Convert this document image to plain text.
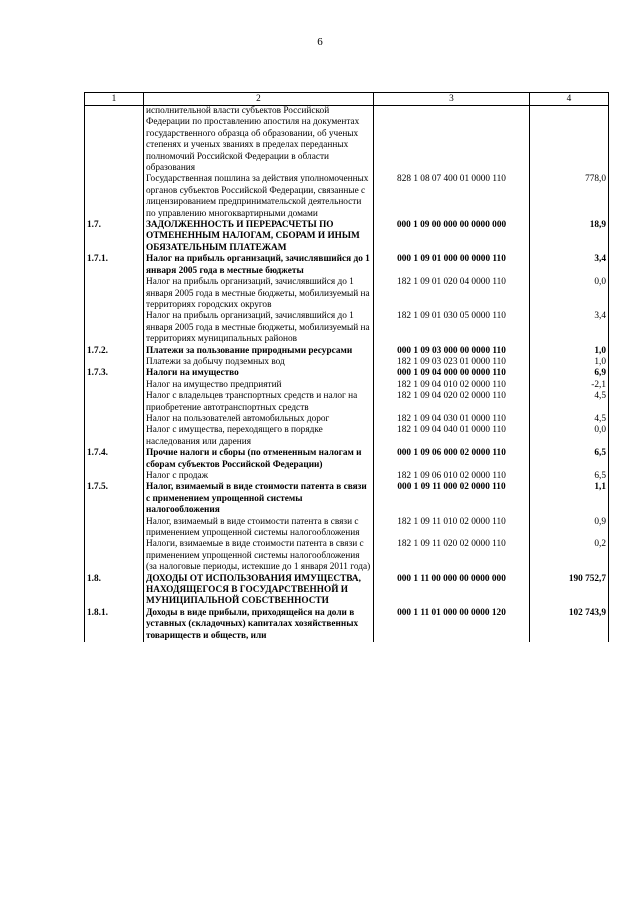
6
1	2	3	4
	исполнительной власти субъектов Российской Федерации по проставлению апостиля на документах государственного образца об образовании, об ученых степенях и ученых званиях в пределах переданных полномочий Российской Федерации в области образования		
	Государственная пошлина за действия уполномоченных органов субъектов Российской Федерации, связанные с лицензированием предпринимательской деятельности по управлению многоквартирными домами	828 1 08 07 400 01 0000 110	778,0
1.7.	ЗАДОЛЖЕННОСТЬ И ПЕРЕРАСЧЕТЫ ПО ОТМЕНЕННЫМ НАЛОГАМ, СБОРАМ И ИНЫМ ОБЯЗАТЕЛЬНЫМ ПЛАТЕЖАМ	000 1 09 00 000 00 0000 000	18,9
1.7.1.	Налог на прибыль организаций, зачислявшийся до 1 января 2005 года в местные бюджеты	000 1 09 01 000 00 0000 110	3,4
	Налог на прибыль организаций, зачислявшийся до 1 января 2005 года в местные бюджеты, мобилизуемый на территориях городских округов	182 1 09 01 020 04 0000 110	0,0
	Налог на прибыль организаций, зачислявшийся до 1 января 2005 года в местные бюджеты, мобилизуемый на территориях муниципальных районов	182 1 09 01 030 05 0000 110	3,4
1.7.2.	Платежи за пользование природными ресурсами	000 1 09 03 000 00 0000 110	1,0
	Платежи за добычу подземных вод	182 1 09 03 023 01 0000 110	1,0
1.7.3.	Налоги на имущество	000 1 09 04 000 00 0000 110	6,9
	Налог на имущество предприятий	182 1 09 04 010 02 0000 110	-2,1
	Налог с владельцев транспортных средств и налог на приобретение автотранспортных средств	182 1 09 04 020 02 0000 110	4,5
	Налог на пользователей автомобильных дорог	182 1 09 04 030 01 0000 110	4,5
	Налог с имущества, переходящего в порядке наследования или дарения	182 1 09 04 040 01 0000 110	0,0
1.7.4.	Прочие налоги и сборы (по отмененным налогам и сборам субъектов Российской Федерации)	000 1 09 06 000 02 0000 110	6,5
	Налог с продаж	182 1 09 06 010 02 0000 110	6,5
1.7.5.	Налог, взимаемый в виде стоимости патента в связи с применением упрощенной системы налогообложения	000 1 09 11 000 02 0000 110	1,1
	Налог, взимаемый в виде стоимости патента в связи с применением упрощенной системы налогообложения	182 1 09 11 010 02 0000 110	0,9
	Налоги, взимаемые в виде стоимости патента в связи с применением упрощенной системы налогообложения (за налоговые периоды, истекшие до 1 января 2011 года)	182 1 09 11 020 02 0000 110	0,2
1.8.	ДОХОДЫ ОТ ИСПОЛЬЗОВАНИЯ ИМУЩЕСТВА, НАХОДЯЩЕГОСЯ В ГОСУДАРСТВЕННОЙ И МУНИЦИПАЛЬНОЙ СОБСТВЕННОСТИ	000 1 11 00 000 00 0000 000	190 752,7
1.8.1.	Доходы в виде прибыли, приходящейся на доли в уставных (складочных) капиталах хозяйственных товариществ и обществ, или	000 1 11 01 000 00 0000 120	102 743,9
